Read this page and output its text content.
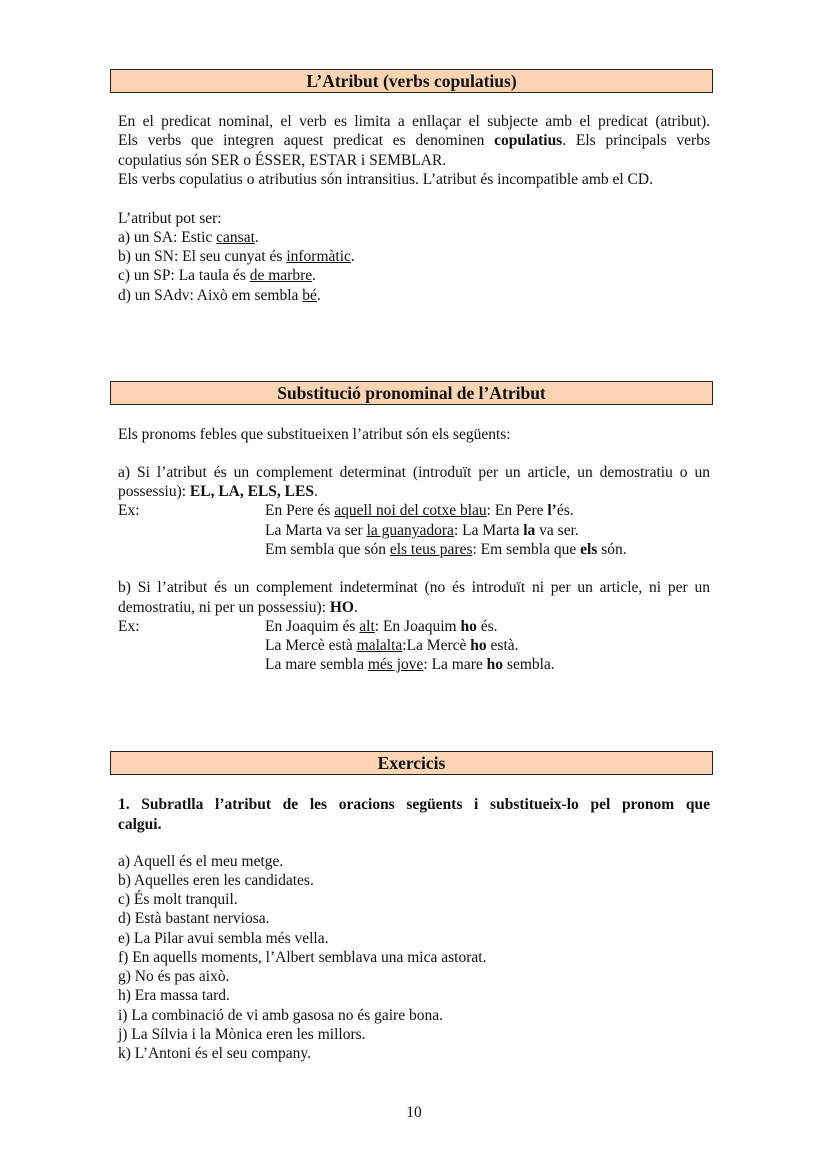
L’Atribut (verbs copulatius)
En el predicat nominal, el verb es limita a enllaçar el subjecte amb el predicat (atribut).
Els verbs que integren aquest predicat es denominen copulatius. Els principals verbs
copulatius són SER o ÉSSER, ESTAR i SEMBLAR.
Els verbs copulatius o atributius són intransitius. L’atribut és incompatible amb el CD.
L’atribut pot ser:
a) un SA: Estic cansat.
b) un SN: El seu cunyat és informàtic.
c) un SP: La taula és de marbre.
d) un SAdv: Això em sembla bé.
Substitució pronominal de l’Atribut
Els pronoms febles que substitueixen l’atribut són els següents:
a) Si l’atribut és un complement determinat (introduït per un article, un demostratiu o un
possessiu): EL, LA, ELS, LES.
Ex:	En Pere és aquell noi del cotxe blau: En Pere l’és.
La Marta va ser la guanyadora: La Marta la va ser.
Em sembla que són els teus pares: Em sembla que els són.
b) Si l’atribut és un complement indeterminat (no és introduït ni per un article, ni per un
demostratiu, ni per un possessiu): HO.
Ex:	En Joaquim és alt: En Joaquim ho és.
La Mercè està malalta:La Mercè ho està.
La mare sembla més jove: La mare ho sembla.
Exercicis
1. Subratlla l’atribut de les oracions següents i substitueix-lo pel pronom que
calgui.
a) Aquell és el meu metge.
b) Aquelles eren les candidates.
c) És molt tranquil.
d) Està bastant nerviosa.
e) La Pilar avui sembla més vella.
f) En aquells moments, l’Albert semblava una mica astorat.
g) No és pas això.
h) Era massa tard.
i) La combinació de vi amb gasosa no és gaire bona.
j) La Sílvia i la Mònica eren les millors.
k) L’Antoni és el seu company.
10
